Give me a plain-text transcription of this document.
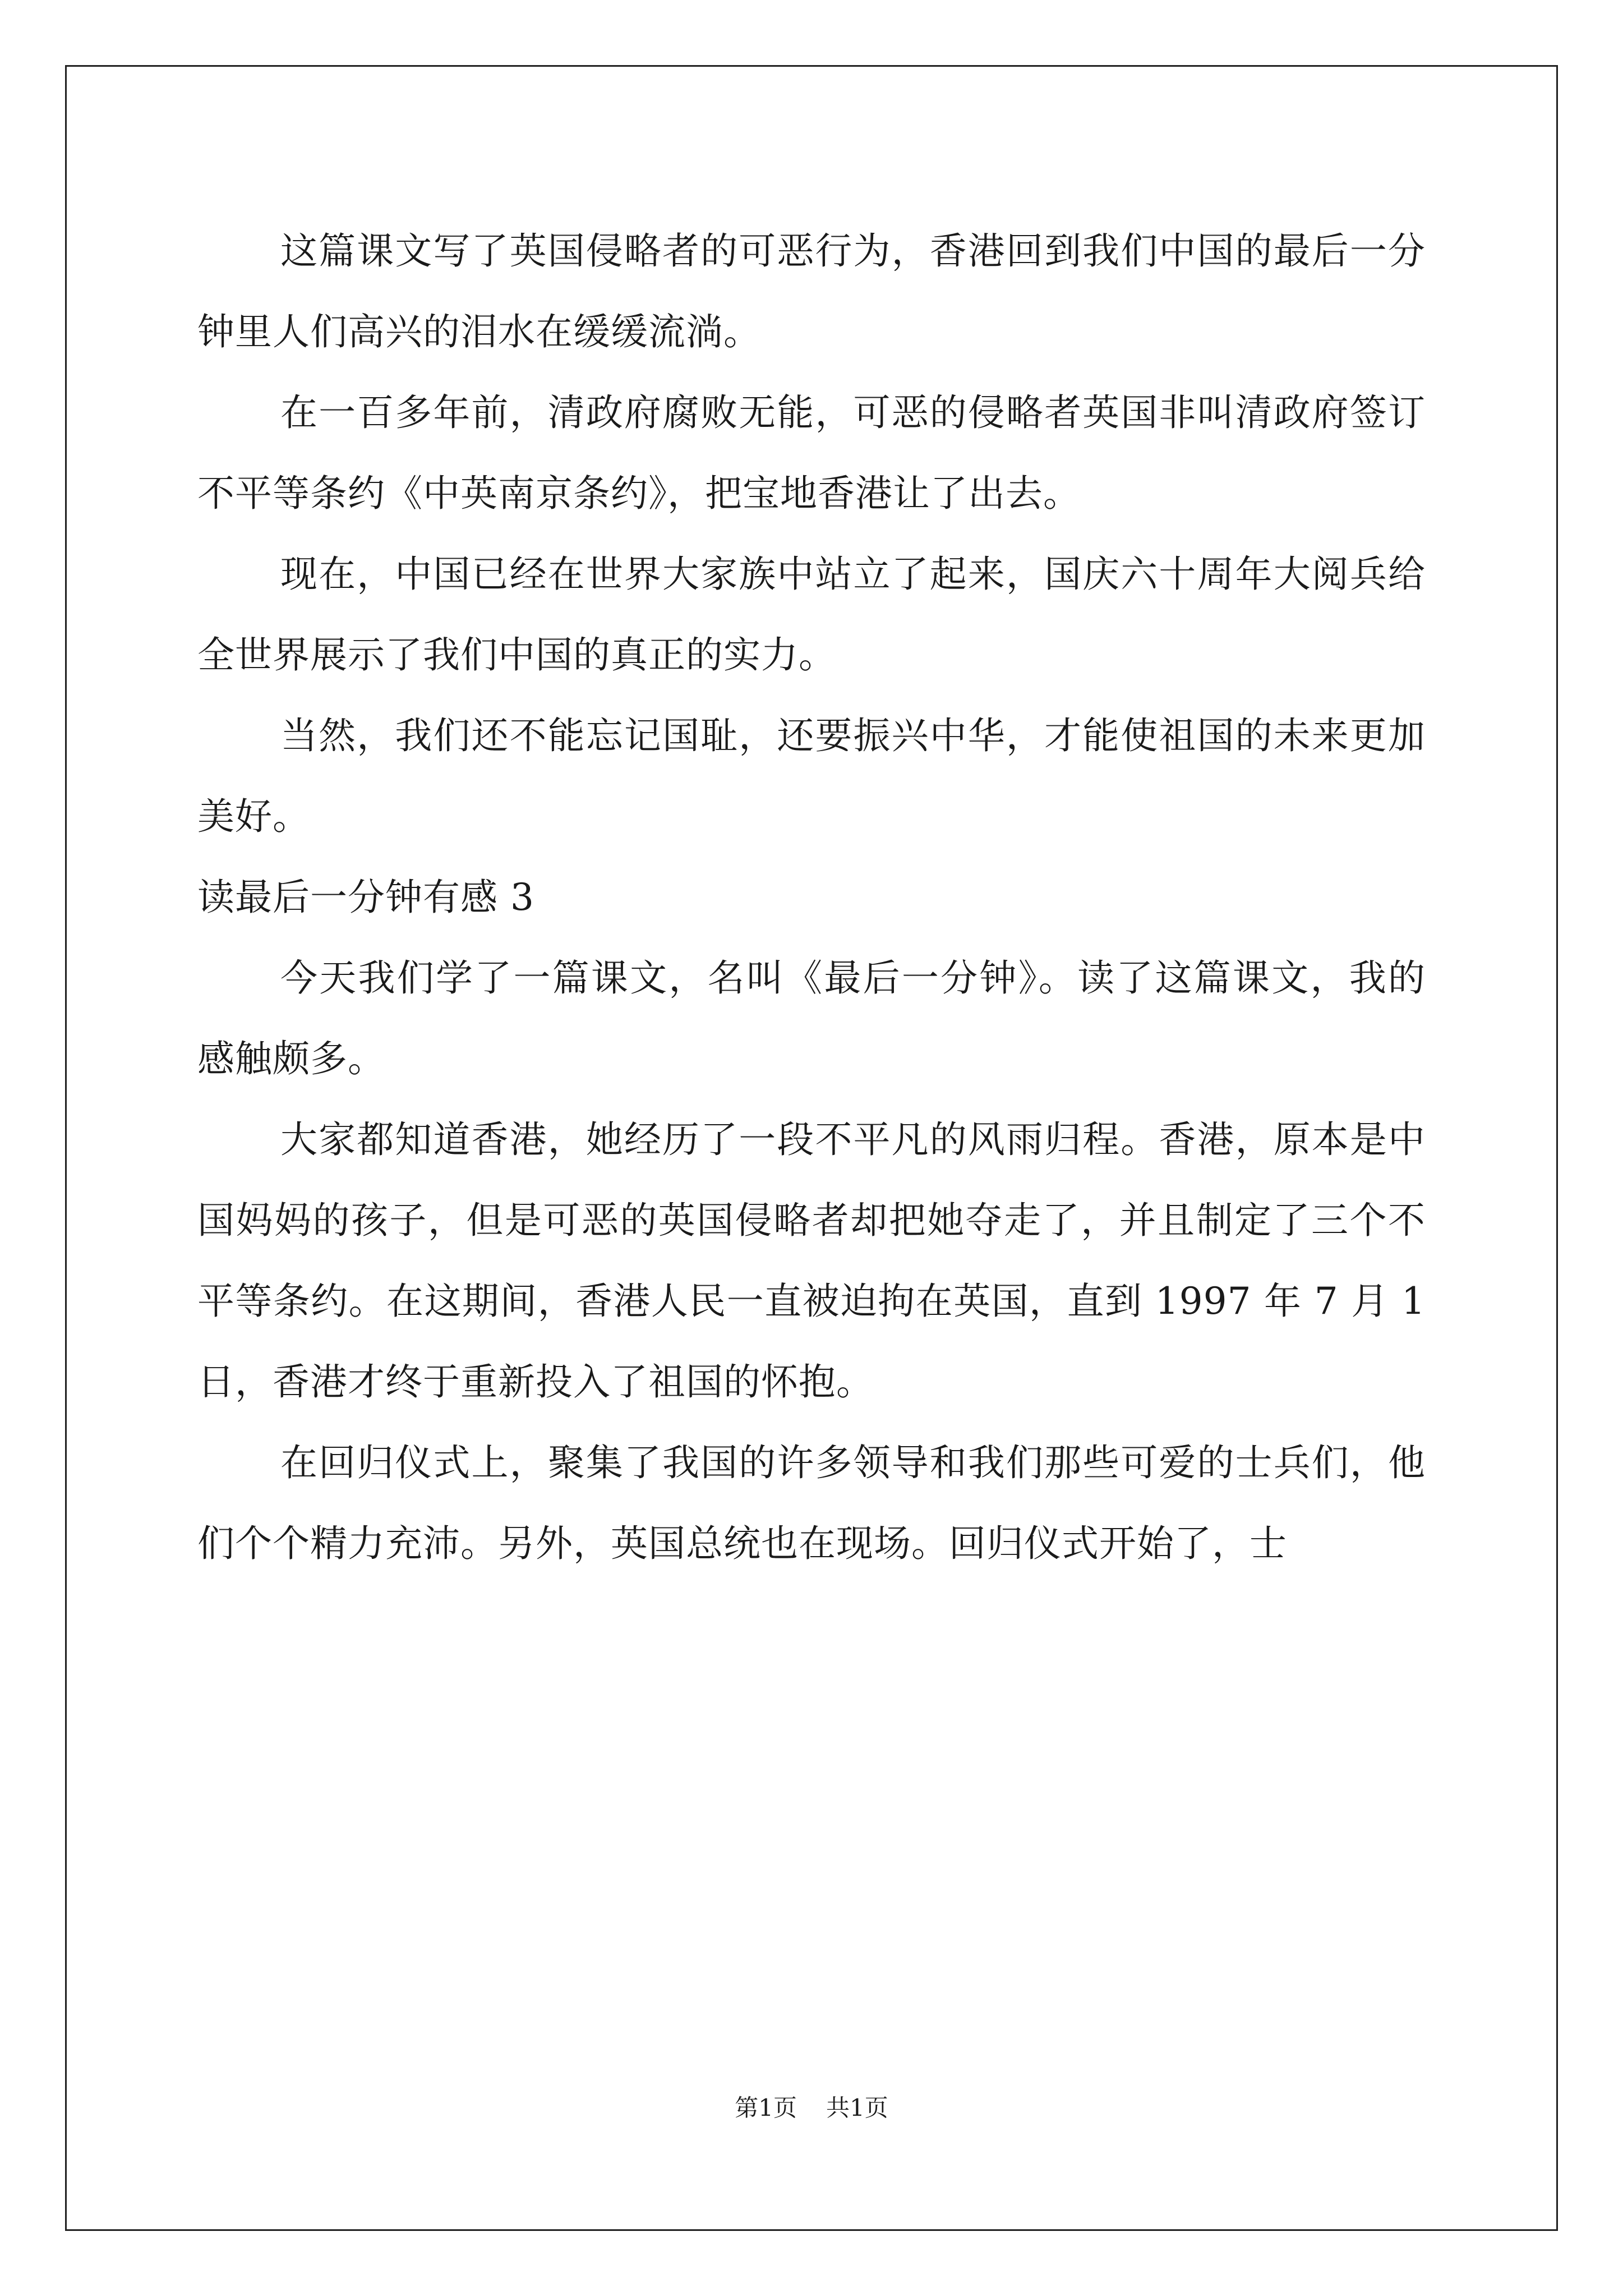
这篇课文写了英国侵略者的可恶行为，香港回到我们中国的最后一分钟里人们高兴的泪水在缓缓流淌。

在一百多年前，清政府腐败无能，可恶的侵略者英国非叫清政府签订不平等条约《中英南京条约》，把宝地香港让了出去。

现在，中国已经在世界大家族中站立了起来，国庆六十周年大阅兵给全世界展示了我们中国的真正的实力。

当然，我们还不能忘记国耻，还要振兴中华，才能使祖国的未来更加美好。

读最后一分钟有感 3

今天我们学了一篇课文，名叫《最后一分钟》。读了这篇课文，我的感触颇多。

大家都知道香港，她经历了一段不平凡的风雨归程。香港，原本是中国妈妈的孩子，但是可恶的英国侵略者却把她夺走了，并且制定了三个不平等条约。在这期间，香港人民一直被迫拘在英国，直到 1997 年 7 月 1 日，香港才终于重新投入了祖国的怀抱。

在回归仪式上，聚集了我国的许多领导和我们那些可爱的士兵们，他们个个精力充沛。另外，英国总统也在现场。回归仪式开始了，士

第1页 共1页
